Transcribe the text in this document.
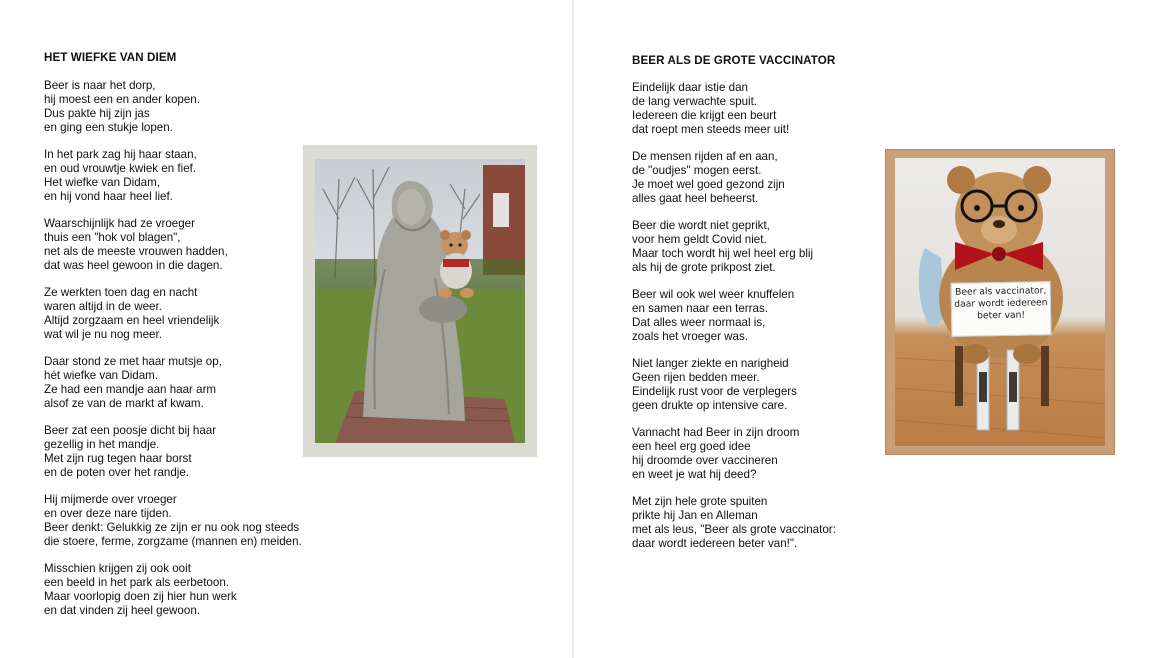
HET WIEFKE VAN DIEM
Beer is naar het dorp,
hij moest een en ander kopen.
Dus pakte hij zijn jas
en ging een stukje lopen.
In het park zag hij haar staan,
en oud vrouwtje kwiek en fief.
Het wiefke van Didam,
en hij vond haar heel lief.
Waarschijnlijk had ze vroeger
thuis een "hok vol blagen",
net als de meeste vrouwen hadden,
dat was heel gewoon in die dagen.
Ze werkten toen dag en nacht
waren altijd in de weer.
Altijd zorgzaam en heel vriendelijk
wat wil je nu nog meer.
Daar stond ze met haar mutsje op,
hét wiefke van Didam.
Ze had een mandje aan haar arm
alsof ze van de markt af kwam.
Beer zat een poosje dicht bij haar
gezellig in het mandje.
Met zijn rug tegen haar borst
en de poten over het randje.
Hij mijmerde over vroeger
en over deze nare tijden.
Beer denkt: Gelukkig ze zijn er nu ook nog steeds
die stoere, ferme, zorgzame (mannen en) meiden.
Misschien krijgen zij ook ooit
een beeld in het park als eerbetoon.
Maar voorlopig doen zij hier hun werk
en dat vinden zij heel gewoon.
BEER ALS DE GROTE VACCINATOR
Eindelijk daar istie dan
de lang verwachte spuit.
Iedereen die krijgt een beurt
dat roept men steeds meer uit!
De mensen rijden af en aan,
de "oudjes" mogen eerst.
Je moet wel goed gezond zijn
alles gaat heel beheerst.
Beer die wordt niet geprikt,
voor hem geldt Covid niet.
Maar toch wordt hij wel heel erg blij
als hij de grote prikpost ziet.
Beer wil ook wel weer knuffelen
en samen naar een terras.
Dat alles weer normaal is,
zoals het vroeger was.
Niet langer ziekte en narigheid
Geen rijen bedden meer.
Eindelijk rust voor de verplegers
geen drukte op intensive care.
Vannacht had Beer in zijn droom
een heel erg goed idee
hij droomde over vaccineren
en weet je wat hij deed?
Met zijn hele grote spuiten
prikte hij Jan en Alleman
met als leus, "Beer als grote vaccinator:
daar wordt iedereen beter van!".
Beer als vaccinator,
daar wordt iedereen
beter van!
